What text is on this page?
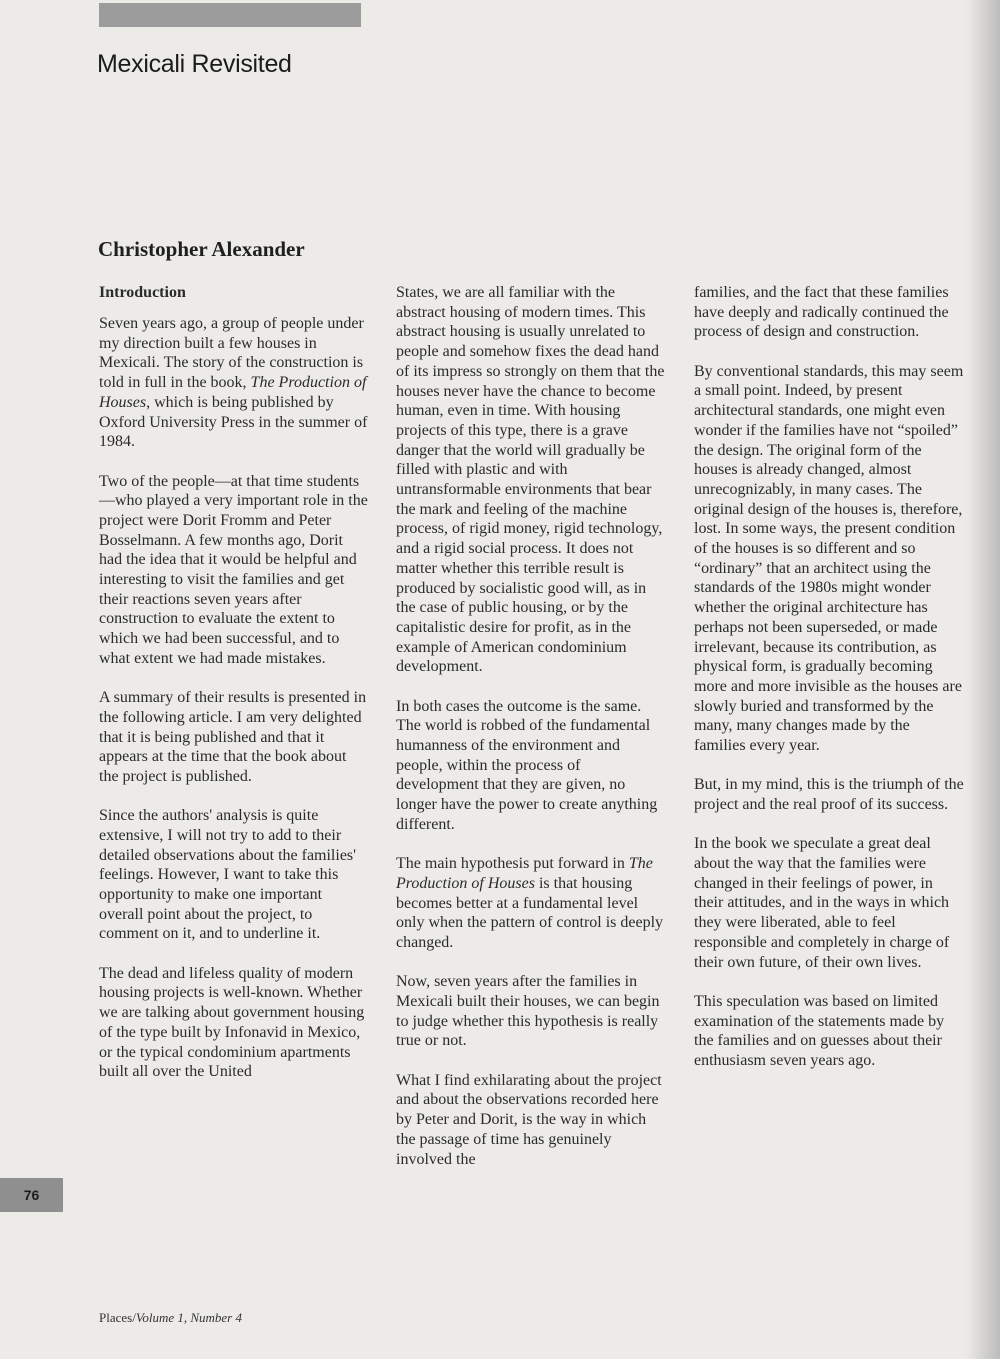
Mexicali Revisited
Christopher Alexander
Introduction

Seven years ago, a group of people under my direction built a few houses in Mexicali. The story of the construction is told in full in the book, The Production of Houses, which is being published by Oxford University Press in the summer of 1984.

Two of the people—at that time students—who played a very important role in the project were Dorit Fromm and Peter Bosselmann. A few months ago, Dorit had the idea that it would be helpful and interesting to visit the families and get their reactions seven years after construction to evaluate the extent to which we had been successful, and to what extent we had made mistakes.

A summary of their results is presented in the following article. I am very delighted that it is being published and that it appears at the time that the book about the project is published.

Since the authors' analysis is quite extensive, I will not try to add to their detailed observations about the families' feelings. However, I want to take this opportunity to make one important overall point about the project, to comment on it, and to underline it.

The dead and lifeless quality of modern housing projects is well-known. Whether we are talking about government housing of the type built by Infonavid in Mexico, or the typical condominium apartments built all over the United

States, we are all familiar with the abstract housing of modern times. This abstract housing is usually unrelated to people and somehow fixes the dead hand of its impress so strongly on them that the houses never have the chance to become human, even in time. With housing projects of this type, there is a grave danger that the world will gradually be filled with plastic and with untransformable environments that bear the mark and feeling of the machine process, of rigid money, rigid technology, and a rigid social process. It does not matter whether this terrible result is produced by socialistic good will, as in the case of public housing, or by the capitalistic desire for profit, as in the example of American condominium development.

In both cases the outcome is the same. The world is robbed of the fundamental humanness of the environment and people, within the process of development that they are given, no longer have the power to create anything different.

The main hypothesis put forward in The Production of Houses is that housing becomes better at a fundamental level only when the pattern of control is deeply changed.

Now, seven years after the families in Mexicali built their houses, we can begin to judge whether this hypothesis is really true or not.

What I find exhilarating about the project and about the observations recorded here by Peter and Dorit, is the way in which the passage of time has genuinely involved the

families, and the fact that these families have deeply and radically continued the process of design and construction.

By conventional standards, this may seem a small point. Indeed, by present architectural standards, one might even wonder if the families have not “spoiled” the design. The original form of the houses is already changed, almost unrecognizably, in many cases. The original design of the houses is, therefore, lost. In some ways, the present condition of the houses is so different and so “ordinary” that an architect using the standards of the 1980s might wonder whether the original architecture has perhaps not been superseded, or made irrelevant, because its contribution, as physical form, is gradually becoming more and more invisible as the houses are slowly buried and transformed by the many, many changes made by the families every year.

But, in my mind, this is the triumph of the project and the real proof of its success.

In the book we speculate a great deal about the way that the families were changed in their feelings of power, in their attitudes, and in the ways in which they were liberated, able to feel responsible and completely in charge of their own future, of their own lives.

This speculation was based on limited examination of the statements made by the families and on guesses about their enthusiasm seven years ago.

76
Places/Volume 1, Number 4
